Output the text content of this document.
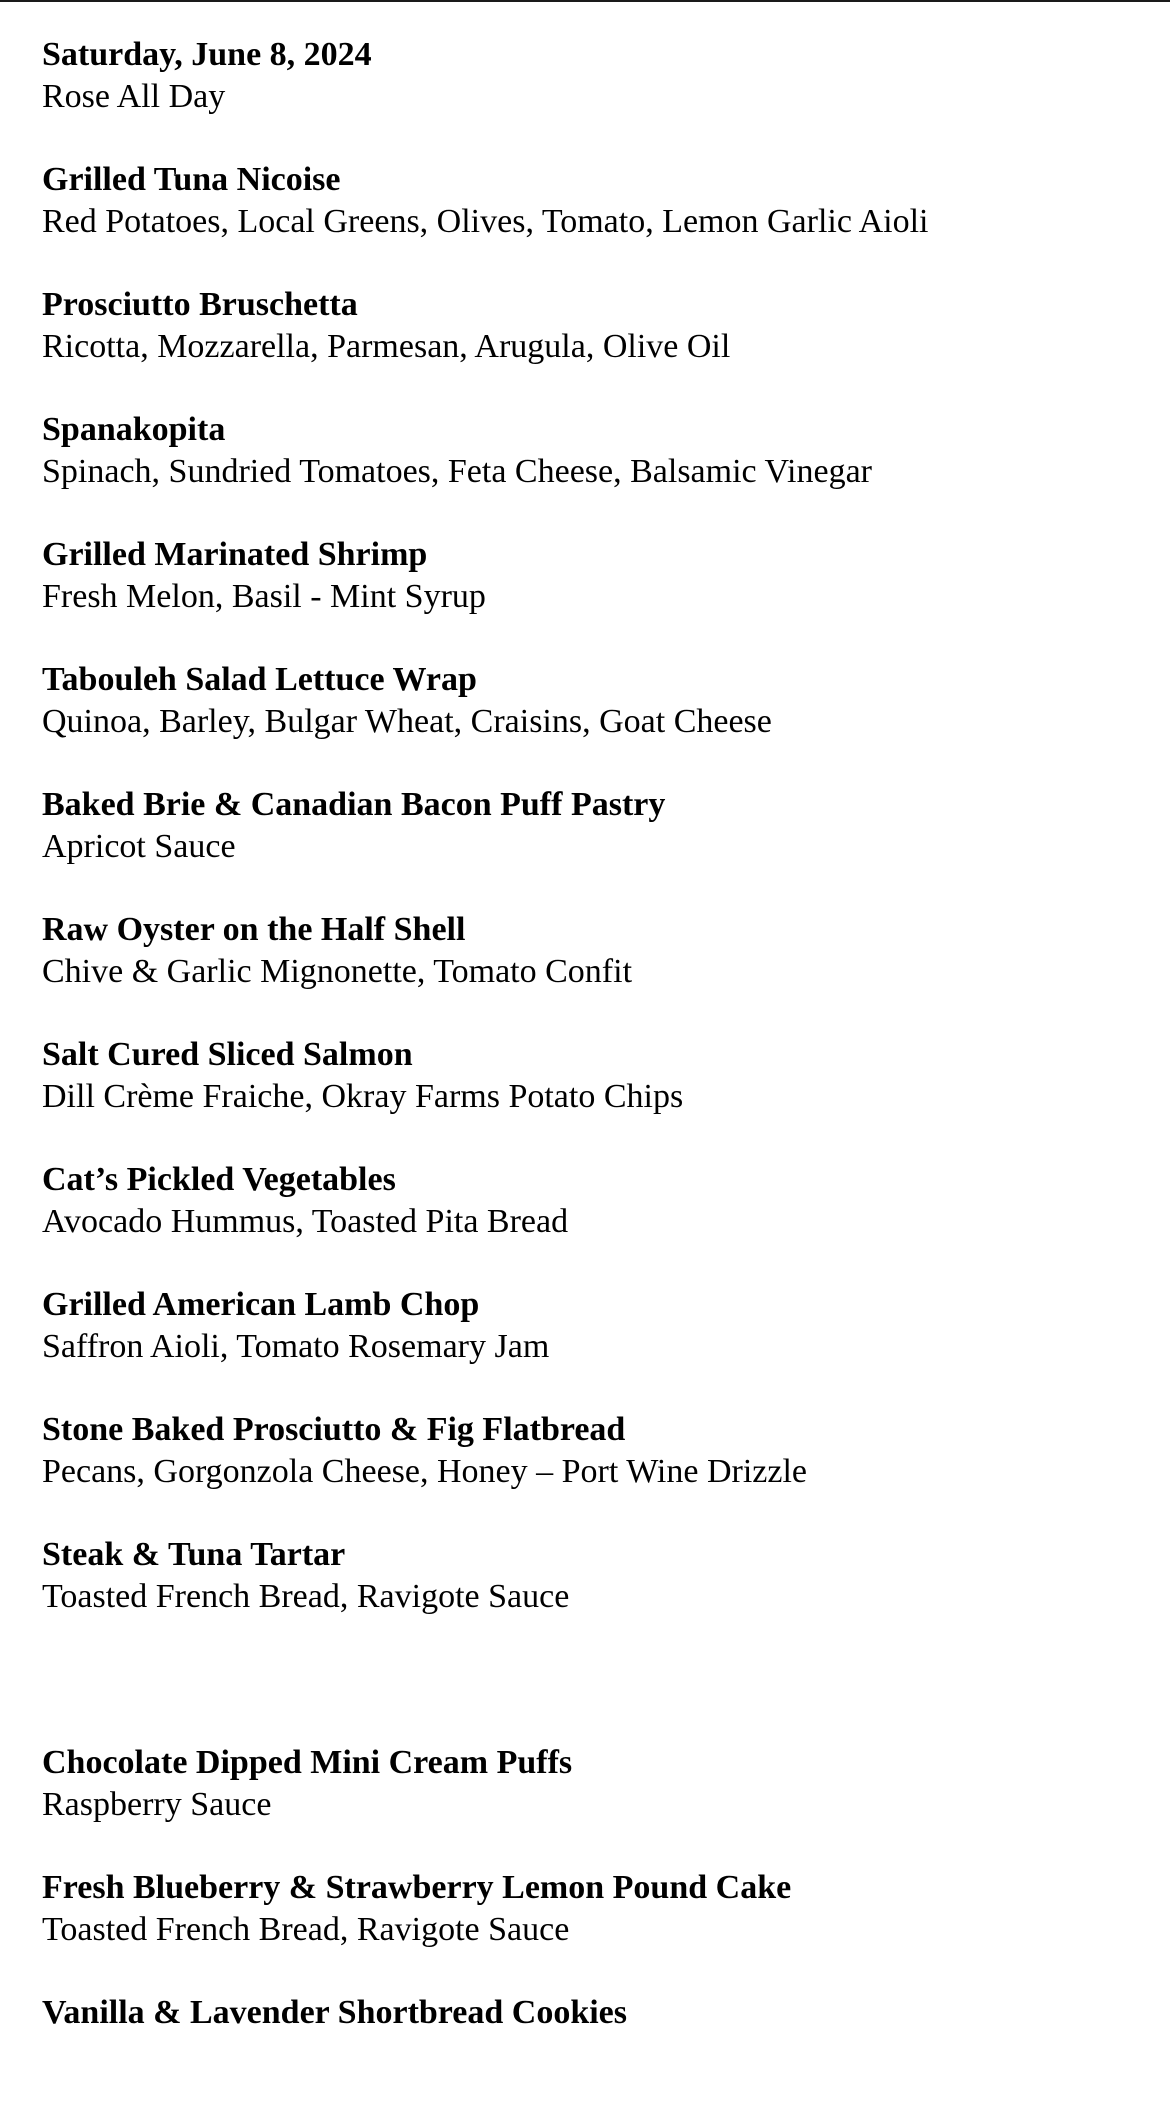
Saturday, June 8, 2024
Rose All Day
Grilled Tuna Nicoise
Red Potatoes, Local Greens, Olives, Tomato, Lemon Garlic Aioli
Prosciutto Bruschetta
Ricotta, Mozzarella, Parmesan, Arugula, Olive Oil
Spanakopita
Spinach, Sundried Tomatoes, Feta Cheese, Balsamic Vinegar
Grilled Marinated Shrimp
Fresh Melon, Basil - Mint Syrup
Tabouleh Salad Lettuce Wrap
Quinoa, Barley, Bulgar Wheat, Craisins, Goat Cheese
Baked Brie & Canadian Bacon Puff Pastry
Apricot Sauce
Raw Oyster on the Half Shell
Chive & Garlic Mignonette, Tomato Confit
Salt Cured Sliced Salmon
Dill Crème Fraiche, Okray Farms Potato Chips
Cat’s Pickled Vegetables
Avocado Hummus, Toasted Pita Bread
Grilled American Lamb Chop
Saffron Aioli, Tomato Rosemary Jam
Stone Baked Prosciutto & Fig Flatbread
Pecans, Gorgonzola Cheese, Honey – Port Wine Drizzle
Steak & Tuna Tartar
Toasted French Bread, Ravigote Sauce
Chocolate Dipped Mini Cream Puffs
Raspberry Sauce
Fresh Blueberry & Strawberry Lemon Pound Cake
Toasted French Bread, Ravigote Sauce
Vanilla & Lavender Shortbread Cookies
